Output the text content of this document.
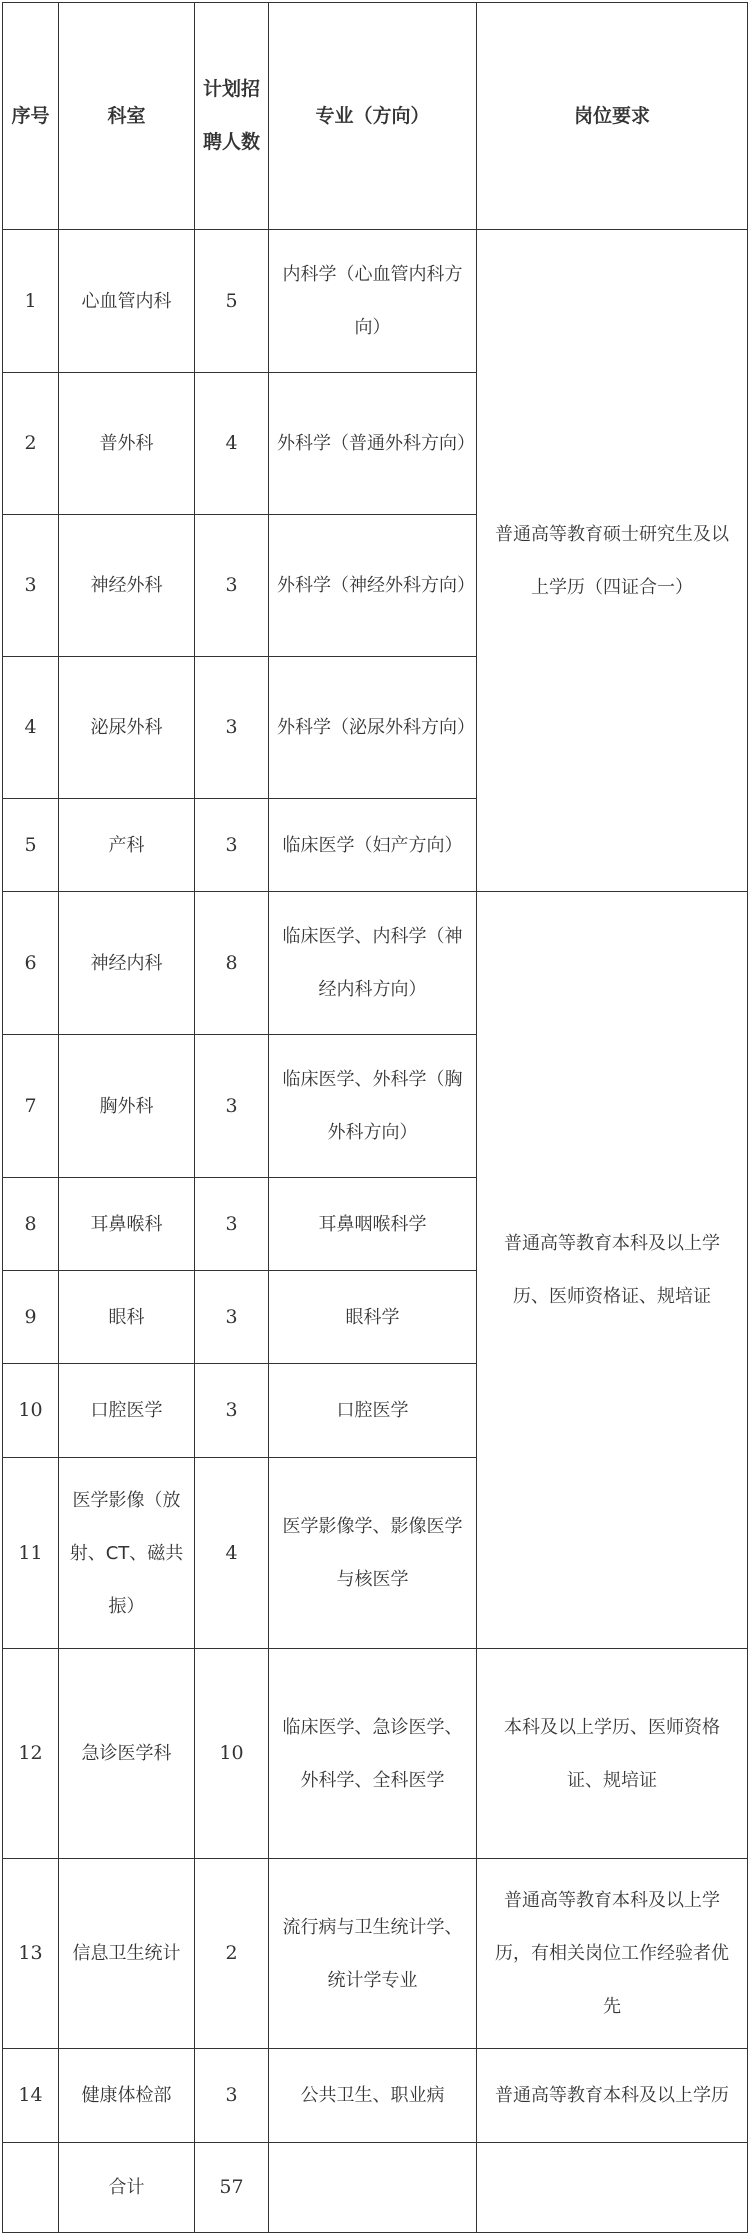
序号	科室	计划招聘人数	专业（方向）	岗位要求
1	心血管内科	5	内科学（心血管内科方向）	普通高等教育硕士研究生及以上学历（四证合一）
2	普外科	4	外科学（普通外科方向）	
3	神经外科	3	外科学（神经外科方向）	
4	泌尿外科	3	外科学（泌尿外科方向）	
5	产科	3	临床医学（妇产方向）	
6	神经内科	8	临床医学、内科学（神经内科方向）	普通高等教育本科及以上学历、医师资格证、规培证
7	胸外科	3	临床医学、外科学（胸外科方向）	
8	耳鼻喉科	3	耳鼻咽喉科学	
9	眼科	3	眼科学	
10	口腔医学	3	口腔医学	
11	医学影像（放射、CT、磁共振）	4	医学影像学、影像医学与核医学	
12	急诊医学科	10	临床医学、急诊医学、外科学、全科医学	本科及以上学历、医师资格证、规培证
13	信息卫生统计	2	流行病与卫生统计学、统计学专业	普通高等教育本科及以上学历，有相关岗位工作经验者优先
14	健康体检部	3	公共卫生、职业病	普通高等教育本科及以上学历
	合计	57		
